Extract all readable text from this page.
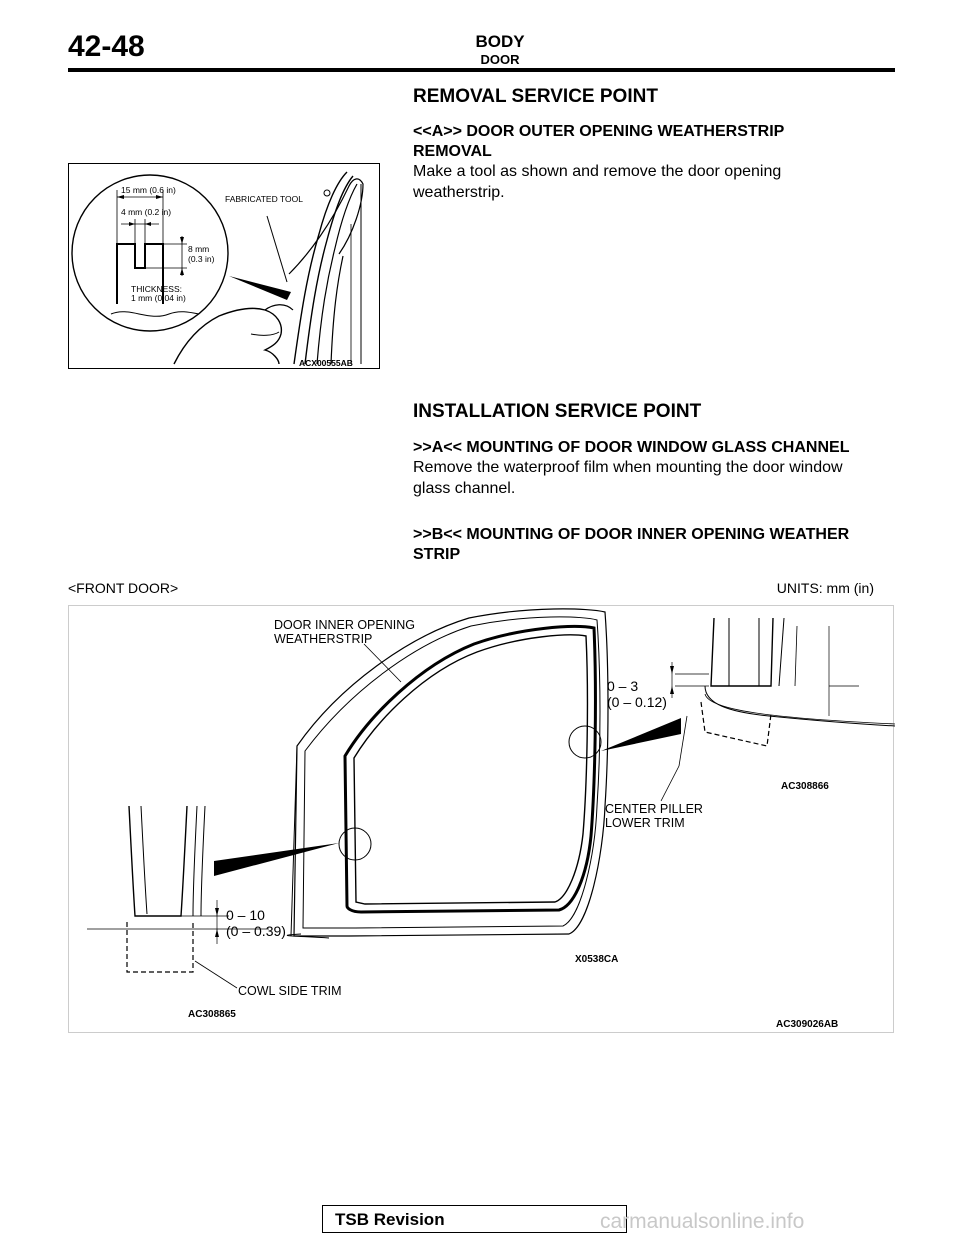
42-48	BODY
DOOR
REMOVAL SERVICE POINT
<<A>> DOOR OUTER OPENING WEATHERSTRIP
REMOVAL
Make a tool as shown and remove the door opening
weatherstrip.
15 mm (0.6 in)
4 mm (0.2 in)
8 mm
(0.3 in)
THICKNESS:
1 mm (0.04 in)
FABRICATED TOOL
ACX00555AB
INSTALLATION SERVICE POINT
>>A<< MOUNTING OF DOOR WINDOW GLASS CHANNEL
Remove the waterproof film when mounting the door window
glass channel.
>>B<< MOUNTING OF DOOR INNER OPENING WEATHER
STRIP
<FRONT DOOR>	UNITS: mm (in)
DOOR INNER OPENING
WEATHERSTRIP
0 – 3
(0 – 0.12)
AC308866
CENTER PILLER
LOWER TRIM
0 – 10
(0 – 0.39)
X0538CA
COWL SIDE TRIM
AC308865
AC309026AB
TSB Revision	carmanualsonline.info
